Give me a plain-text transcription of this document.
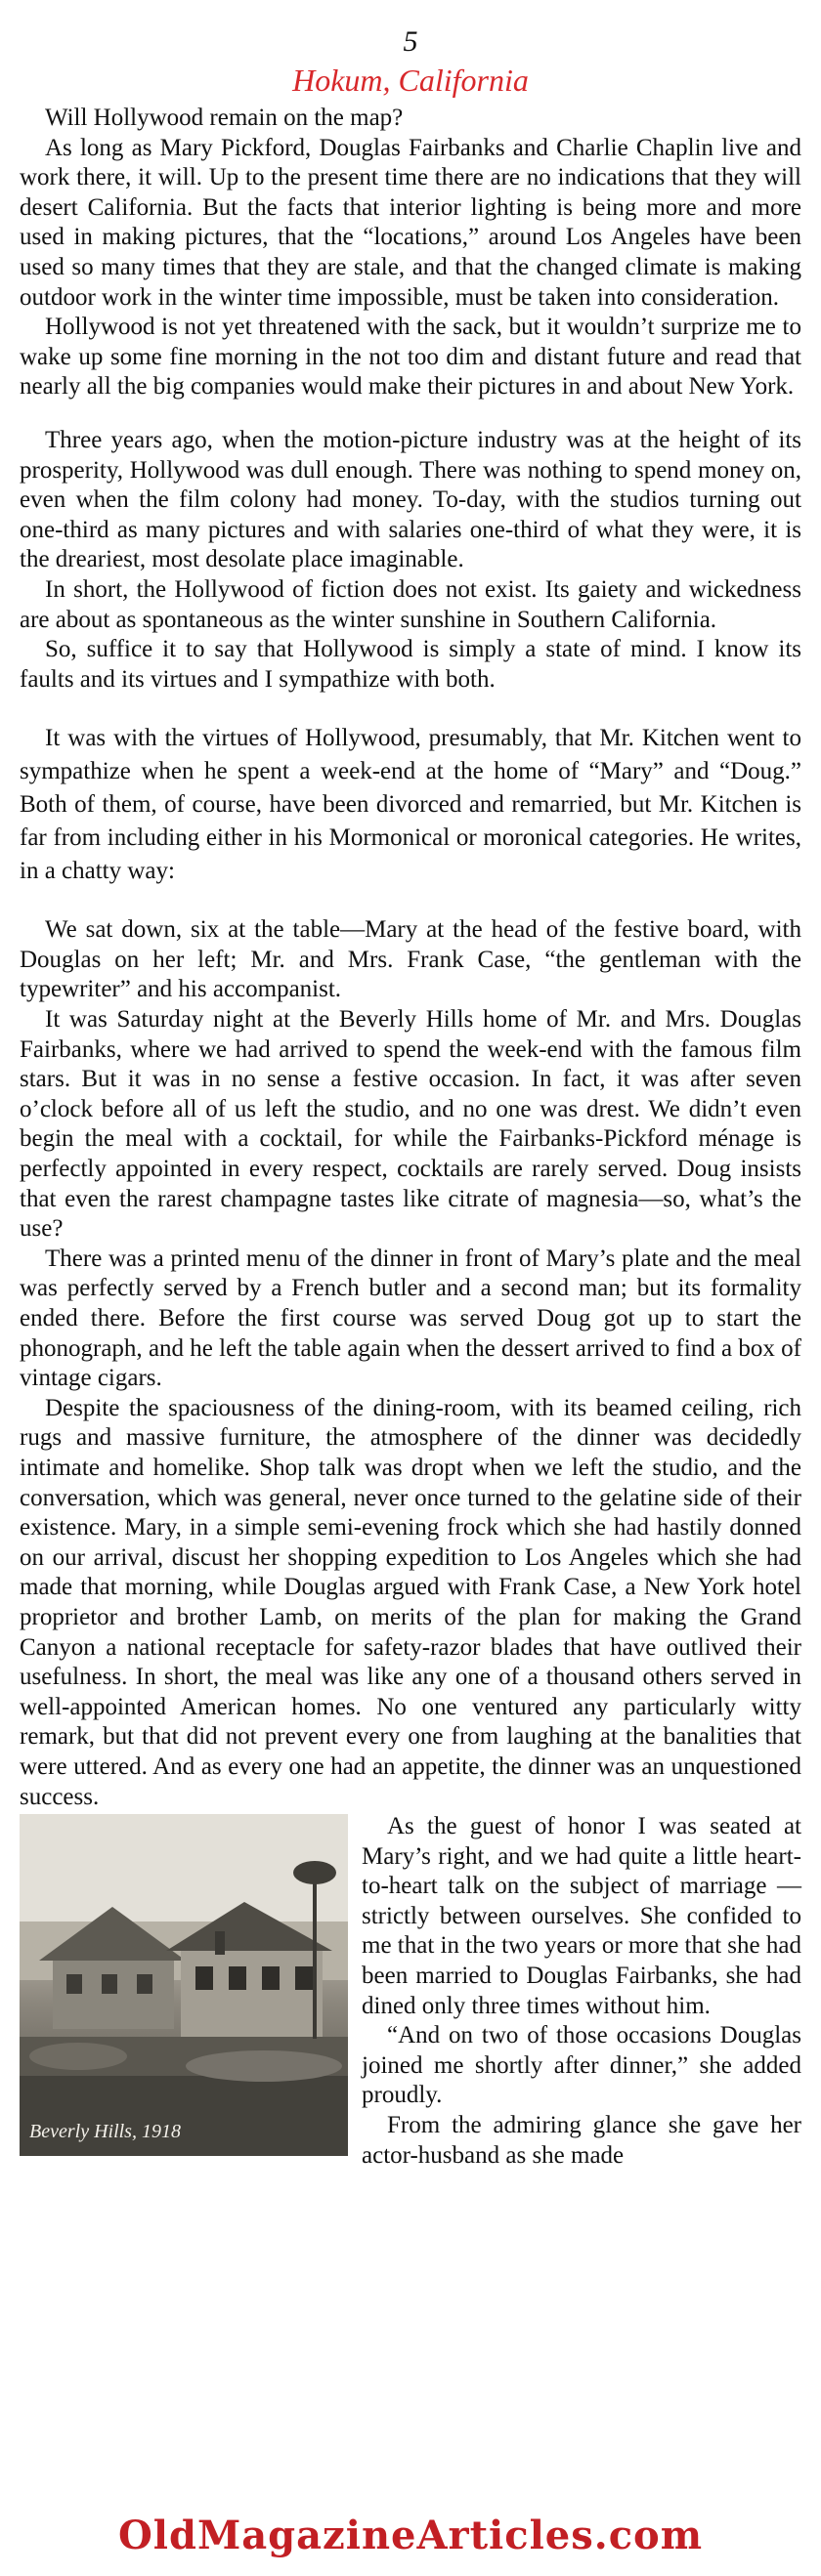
5
Hokum, California

Will Hollywood remain on the map?

As long as Mary Pickford, Douglas Fairbanks and Charlie Chaplin live and work there, it will. Up to the present time there are no indications that they will desert California. But the facts that interior lighting is being more and more used in making pictures, that the “locations,” around Los Angeles have been used so many times that they are stale, and that the changed climate is making outdoor work in the winter time impossible, must be taken into consideration.

Hollywood is not yet threatened with the sack, but it wouldn’t surprize me to wake up some fine morning in the not too dim and distant future and read that nearly all the big companies would make their pictures in and about New York.

Three years ago, when the motion-picture industry was at the height of its prosperity, Hollywood was dull enough. There was nothing to spend money on, even when the film colony had money. To-day, with the studios turning out one-third as many pictures and with salaries one-third of what they were, it is the dreariest, most desolate place imaginable.

In short, the Hollywood of fiction does not exist. Its gaiety and wickedness are about as spontaneous as the winter sunshine in Southern California.

So, suffice it to say that Hollywood is simply a state of mind. I know its faults and its virtues and I sympathize with both.

It was with the virtues of Hollywood, presumably, that Mr. Kitchen went to sympathize when he spent a week-end at the home of “Mary” and “Doug.” Both of them, of course, have been divorced and remarried, but Mr. Kitchen is far from including either in his Mormonical or moronical categories. He writes, in a chatty way:

We sat down, six at the table—Mary at the head of the festive board, with Douglas on her left; Mr. and Mrs. Frank Case, “the gentleman with the typewriter” and his accompanist.

It was Saturday night at the Beverly Hills home of Mr. and Mrs. Douglas Fairbanks, where we had arrived to spend the week-end with the famous film stars. But it was in no sense a festive occasion. In fact, it was after seven o’clock before all of us left the studio, and no one was drest. We didn’t even begin the meal with a cocktail, for while the Fairbanks-Pickford ménage is perfectly appointed in every respect, cocktails are rarely served. Doug insists that even the rarest champagne tastes like citrate of magnesia—so, what’s the use?

There was a printed menu of the dinner in front of Mary’s plate and the meal was perfectly served by a French butler and a second man; but its formality ended there. Before the first course was served Doug got up to start the phonograph, and he left the table again when the dessert arrived to find a box of vintage cigars.

Despite the spaciousness of the dining-room, with its beamed ceiling, rich rugs and massive furniture, the atmosphere of the dinner was decidedly intimate and homelike. Shop talk was dropt when we left the studio, and the conversation, which was general, never once turned to the gelatine side of their existence. Mary, in a simple semi-evening frock which she had hastily donned on our arrival, discust her shopping expedition to Los Angeles which she had made that morning, while Douglas argued with Frank Case, a New York hotel proprietor and brother Lamb, on merits of the plan for making the Grand Canyon a national receptacle for safety-razor blades that have outlived their usefulness. In short, the meal was like any one of a thousand others served in well-appointed American homes. No one ventured any particularly witty remark, but that did not prevent every one from laughing at the banalities that were uttered. And as every one had an appetite, the dinner was an unquestioned success.

Beverly Hills, 1918

As the guest of honor I was seated at Mary’s right, and we had quite a little heart-to-heart talk on the subject of marriage —strictly between ourselves. She confided to me that in the two years or more that she had been married to Douglas Fairbanks, she had dined only three times without him.

“And on two of those occasions Douglas joined me shortly after dinner,” she added proudly.

From the admiring glance she gave her actor-husband as she made

OldMagazineArticles.com
